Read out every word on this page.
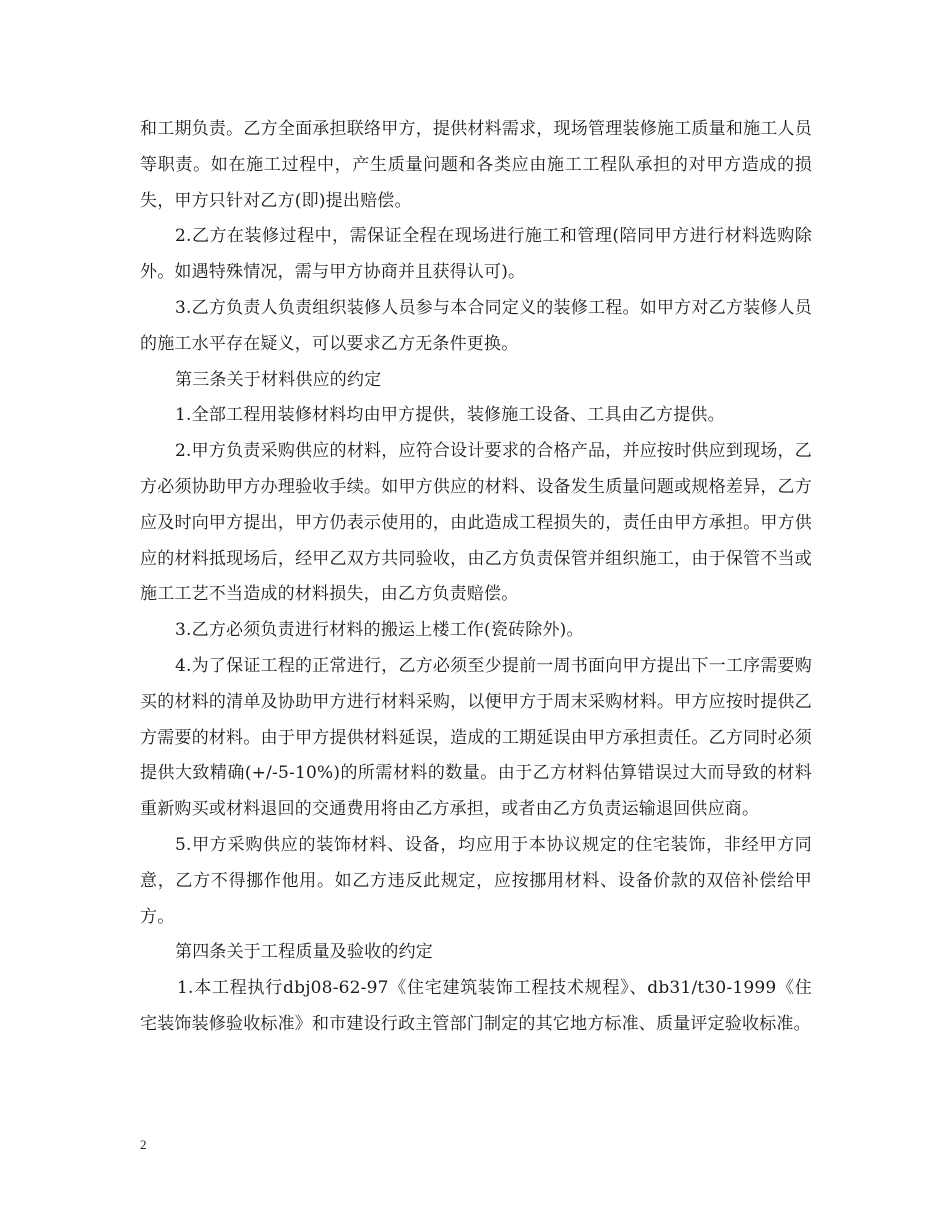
和工期负责。乙方全面承担联络甲方，提供材料需求，现场管理装修施工质量和施工人员等职责。如在施工过程中，产生质量问题和各类应由施工工程队承担的对甲方造成的损失，甲方只针对乙方(即)提出赔偿。

2.乙方在装修过程中，需保证全程在现场进行施工和管理(陪同甲方进行材料选购除外。如遇特殊情况，需与甲方协商并且获得认可)。

3.乙方负责人负责组织装修人员参与本合同定义的装修工程。如甲方对乙方装修人员的施工水平存在疑义，可以要求乙方无条件更换。

第三条关于材料供应的约定

1.全部工程用装修材料均由甲方提供，装修施工设备、工具由乙方提供。

2.甲方负责采购供应的材料，应符合设计要求的合格产品，并应按时供应到现场，乙方必须协助甲方办理验收手续。如甲方供应的材料、设备发生质量问题或规格差异，乙方应及时向甲方提出，甲方仍表示使用的，由此造成工程损失的，责任由甲方承担。甲方供应的材料抵现场后，经甲乙双方共同验收，由乙方负责保管并组织施工，由于保管不当或施工工艺不当造成的材料损失，由乙方负责赔偿。

3.乙方必须负责进行材料的搬运上楼工作(瓷砖除外)。

4.为了保证工程的正常进行，乙方必须至少提前一周书面向甲方提出下一工序需要购买的材料的清单及协助甲方进行材料采购，以便甲方于周末采购材料。甲方应按时提供乙方需要的材料。由于甲方提供材料延误，造成的工期延误由甲方承担责任。乙方同时必须提供大致精确(+/-5-10%)的所需材料的数量。由于乙方材料估算错误过大而导致的材料重新购买或材料退回的交通费用将由乙方承担，或者由乙方负责运输退回供应商。

5.甲方采购供应的装饰材料、设备，均应用于本协议规定的住宅装饰，非经甲方同意，乙方不得挪作他用。如乙方违反此规定，应按挪用材料、设备价款的双倍补偿给甲方。

第四条关于工程质量及验收的约定

1.本工程执行dbj08-62-97《住宅建筑装饰工程技术规程》、db31/t30-1999《住宅装饰装修验收标准》和市建设行政主管部门制定的其它地方标准、质量评定验收标准。

2
